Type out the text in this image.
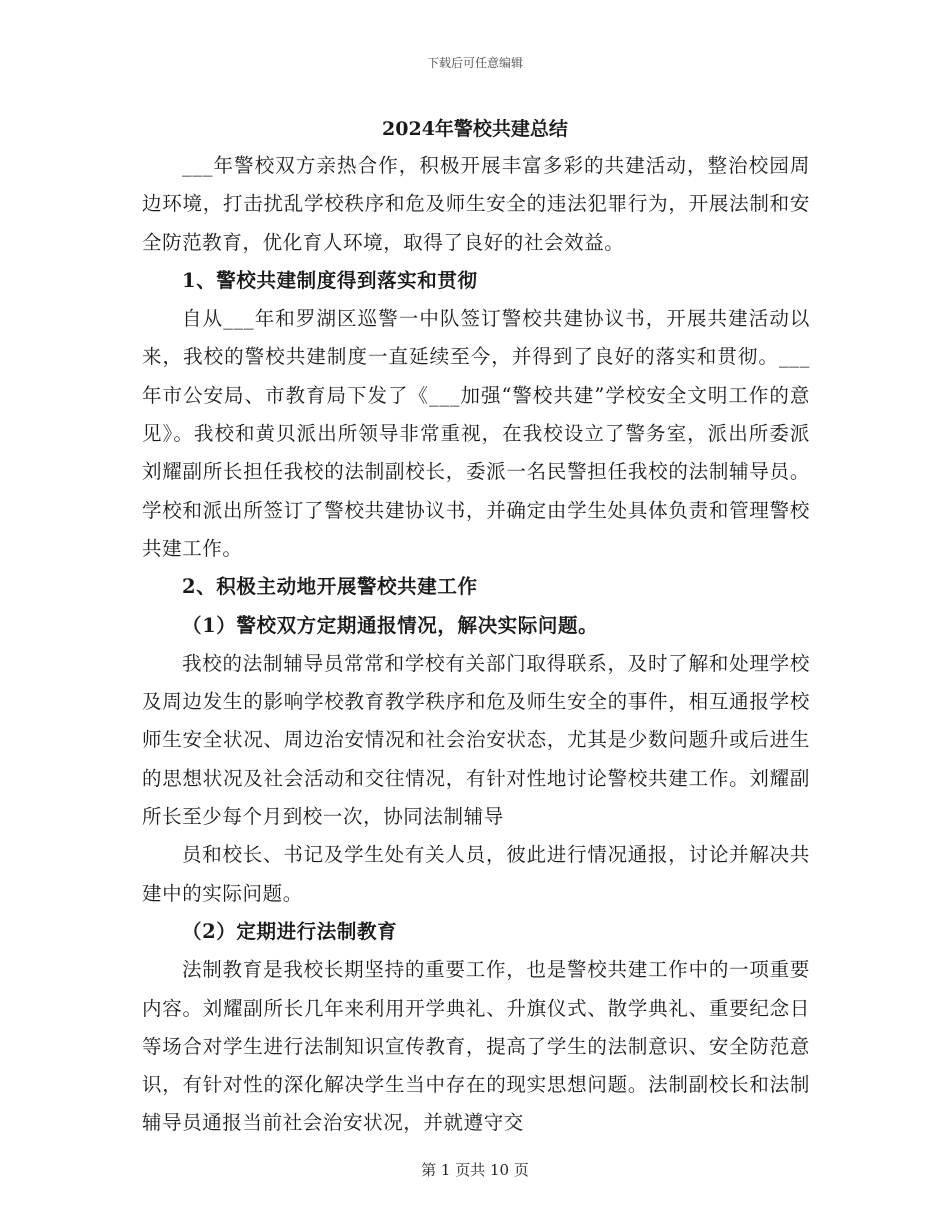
下载后可任意编辑
2024年警校共建总结

___年警校双方亲热合作，积极开展丰富多彩的共建活动，整治校园周边环境，打击扰乱学校秩序和危及师生安全的违法犯罪行为，开展法制和安全防范教育，优化育人环境，取得了良好的社会效益。

1、警校共建制度得到落实和贯彻

自从___年和罗湖区巡警一中队签订警校共建协议书，开展共建活动以来，我校的警校共建制度一直延续至今，并得到了良好的落实和贯彻。___年市公安局、市教育局下发了《___加强“警校共建”学校安全文明工作的意见》。我校和黄贝派出所领导非常重视，在我校设立了警务室，派出所委派刘耀副所长担任我校的法制副校长，委派一名民警担任我校的法制辅导员。学校和派出所签订了警校共建协议书，并确定由学生处具体负责和管理警校共建工作。

2、积极主动地开展警校共建工作

（1）警校双方定期通报情况，解决实际问题。

我校的法制辅导员常常和学校有关部门取得联系，及时了解和处理学校及周边发生的影响学校教育教学秩序和危及师生安全的事件，相互通报学校师生安全状况、周边治安情况和社会治安状态，尤其是少数问题升或后进生的思想状况及社会活动和交往情况，有针对性地讨论警校共建工作。刘耀副所长至少每个月到校一次，协同法制辅导

员和校长、书记及学生处有关人员，彼此进行情况通报，讨论并解决共建中的实际问题。

（2）定期进行法制教育

法制教育是我校长期坚持的重要工作，也是警校共建工作中的一项重要内容。刘耀副所长几年来利用开学典礼、升旗仪式、散学典礼、重要纪念日等场合对学生进行法制知识宣传教育，提高了学生的法制意识、安全防范意识，有针对性的深化解决学生当中存在的现实思想问题。法制副校长和法制辅导员通报当前社会治安状况，并就遵守交

第 1 页共 10 页
